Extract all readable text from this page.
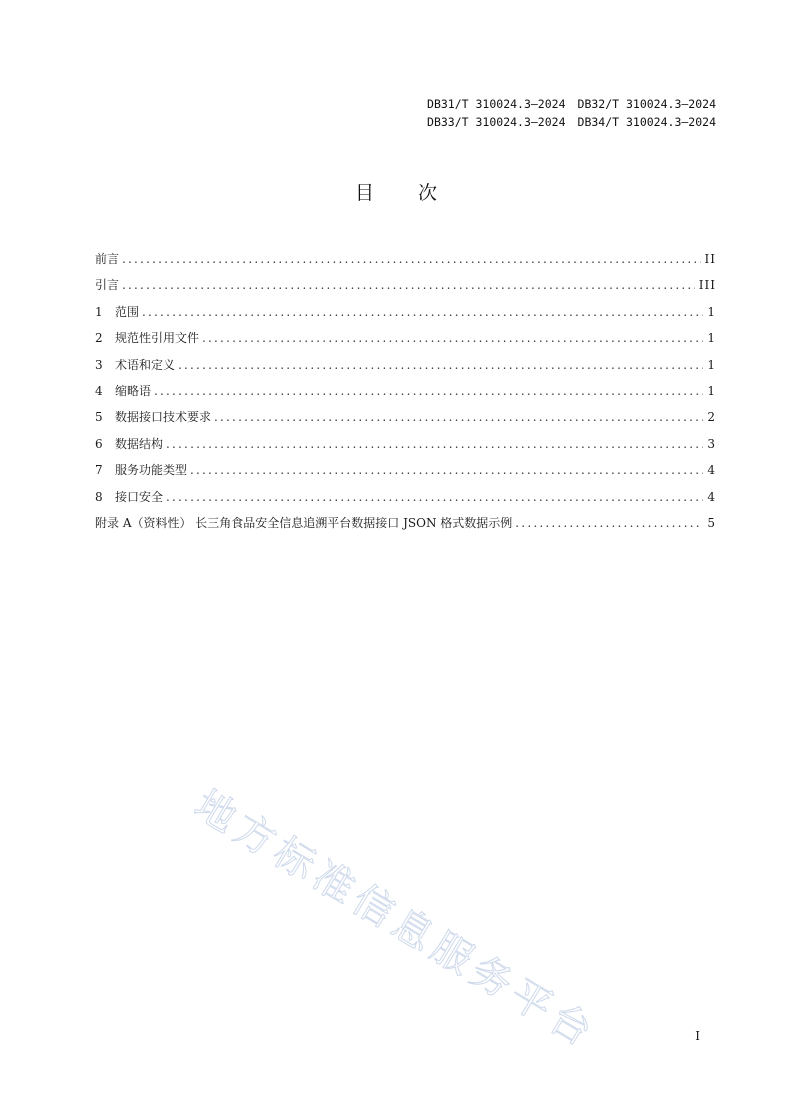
DB31/T 310024.3—2024 DB32/T 310024.3—2024
DB33/T 310024.3—2024 DB34/T 310024.3—2024
目次
前言 .....	II
引言 .....	III
1	范围 .....	1
2	规范性引用文件 .....	1
3	术语和定义 .....	1
4	缩略语 .....	1
5	数据接口技术要求 .....	2
6	数据结构 .....	3
7	服务功能类型 .....	4
8	接口安全 .....	4
附录 A（资料性） 长三角食品安全信息追溯平台数据接口 JSON 格式数据示例 .....	5
地方标准信息服务平台	I
